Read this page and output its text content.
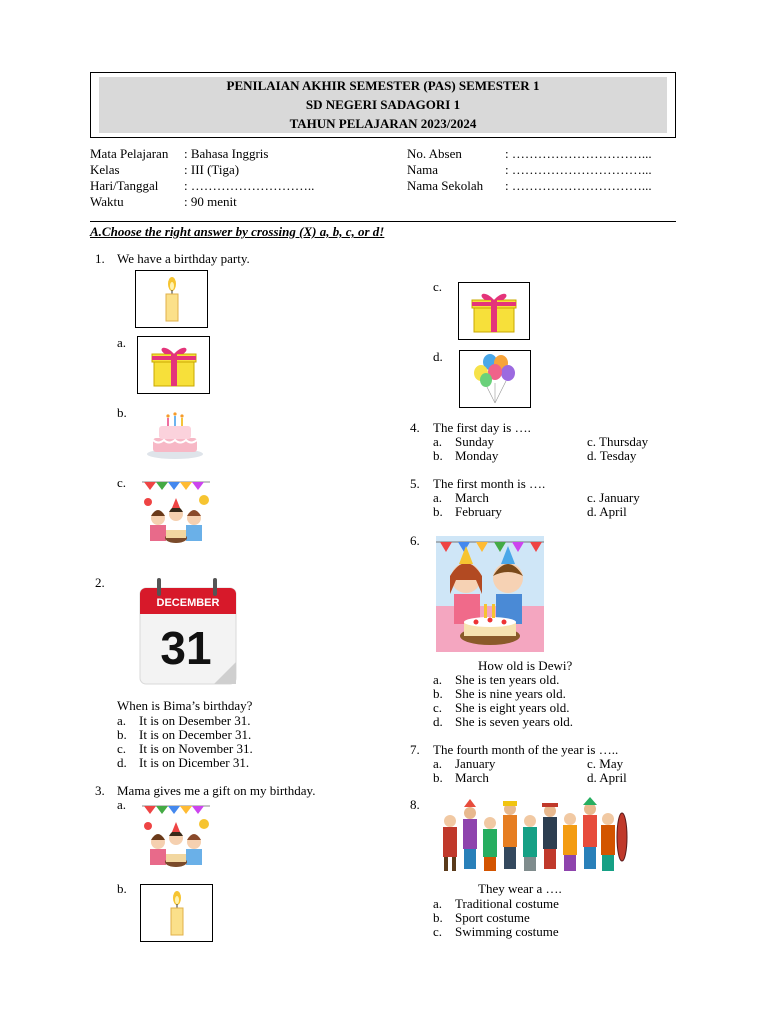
PENILAIAN AKHIR SEMESTER (PAS) SEMESTER 1
SD NEGERI SADAGORI 1
TAHUN PELAJARAN 2023/2024
Mata Pelajaran	: Bahasa Inggris
Kelas	: III (Tiga)
Hari/Tanggal	: ………………………..
Waktu	: 90 menit
No. Absen	: …………………………...
Nama	: …………………………...
Nama Sekolah	: …………………………...
A.Choose the right answer by crossing (X) a, b, c, or d!
1. We have a birthday party.
a.
b.
c.
2.
DECEMBER
31
When is Bima’s birthday?
a. It is on Desember 31.
b. It is on December 31.
c. It is on November 31.
d. It is on Dicember 31.
3. Mama gives me a gift on my birthday.
a.
b.
c.
d.
4. The first day is ….
a. Sunday	c. Thursday
b. Monday	d. Tesday
5. The first month is ….
a. March	c. January
b. February	d. April
6.
How old is Dewi?
a. She is ten years old.
b. She is nine years old.
c. She is eight years old.
d. She is seven years old.
7. The fourth month of the year is …..
a. January	c. May
b. March	d. April
8.
They wear a ….
a. Traditional costume
b. Sport costume
c. Swimming costume
